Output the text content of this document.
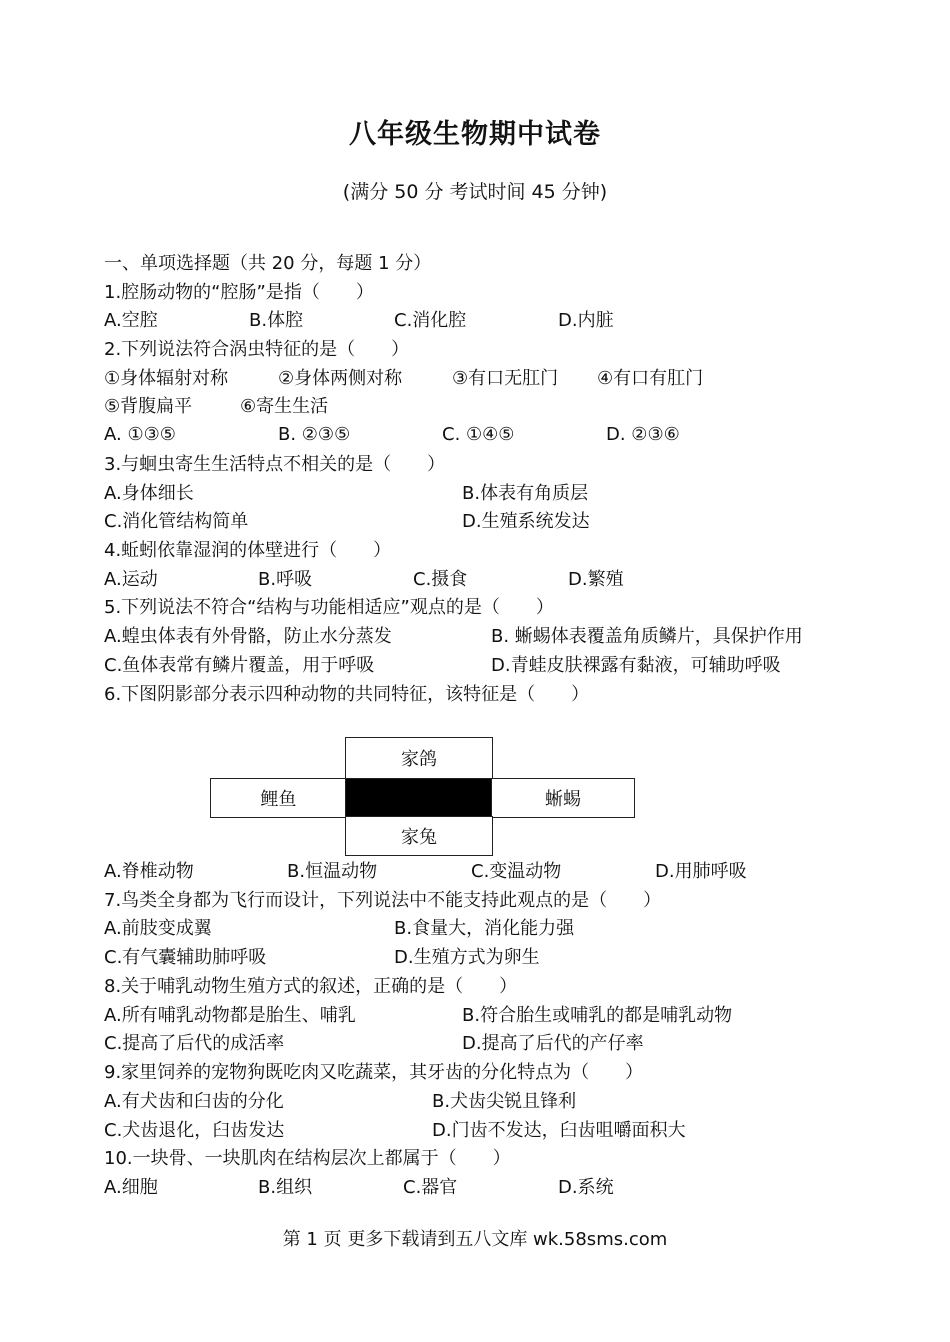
八年级生物期中试卷
(满分 50 分 考试时间 45 分钟)
一、单项选择题（共 20 分，每题 1 分）
1.腔肠动物的“腔肠”是指（　　）
A.空腔	B.体腔	C.消化腔	D.内脏
2.下列说法符合涡虫特征的是（　　）
①身体辐射对称	②身体两侧对称	③有口无肛门 ④有口有肛门
⑤背腹扁平	⑥寄生生活
A. ①③⑤	B. ②③⑤	C. ①④⑤	D. ②③⑥
3.与蛔虫寄生生活特点不相关的是（　　）
A.身体细长	B.体表有角质层
C.消化管结构简单	D.生殖系统发达
4.蚯蚓依靠湿润的体壁进行（　　）
A.运动	B.呼吸	C.摄食	D.繁殖
5.下列说法不符合“结构与功能相适应”观点的是（　　）
A.蝗虫体表有外骨骼，防止水分蒸发	B. 蜥蜴体表覆盖角质鳞片，具保护作用
C.鱼体表常有鳞片覆盖，用于呼吸	D.青蛙皮肤裸露有黏液，可辅助呼吸
6.下图阴影部分表示四种动物的共同特征，该特征是（　　）
家鸽
鲤鱼	蜥蜴
家兔
A.脊椎动物	B.恒温动物	C.变温动物	D.用肺呼吸
7.鸟类全身都为飞行而设计，下列说法中不能支持此观点的是（　　）
A.前肢变成翼	B.食量大，消化能力强
C.有气囊辅助肺呼吸	D.生殖方式为卵生
8.关于哺乳动物生殖方式的叙述，正确的是（　　）
A.所有哺乳动物都是胎生、哺乳	B.符合胎生或哺乳的都是哺乳动物
C.提高了后代的成活率	D.提高了后代的产仔率
9.家里饲养的宠物狗既吃肉又吃蔬菜，其牙齿的分化特点为（　　）
A.有犬齿和臼齿的分化	B.犬齿尖锐且锋利
C.犬齿退化，臼齿发达	D.门齿不发达，臼齿咀嚼面积大
10.一块骨、一块肌肉在结构层次上都属于（　　）
A.细胞	B.组织	C.器官	D.系统
第 1 页 更多下载请到五八文库 wk.58sms.com
